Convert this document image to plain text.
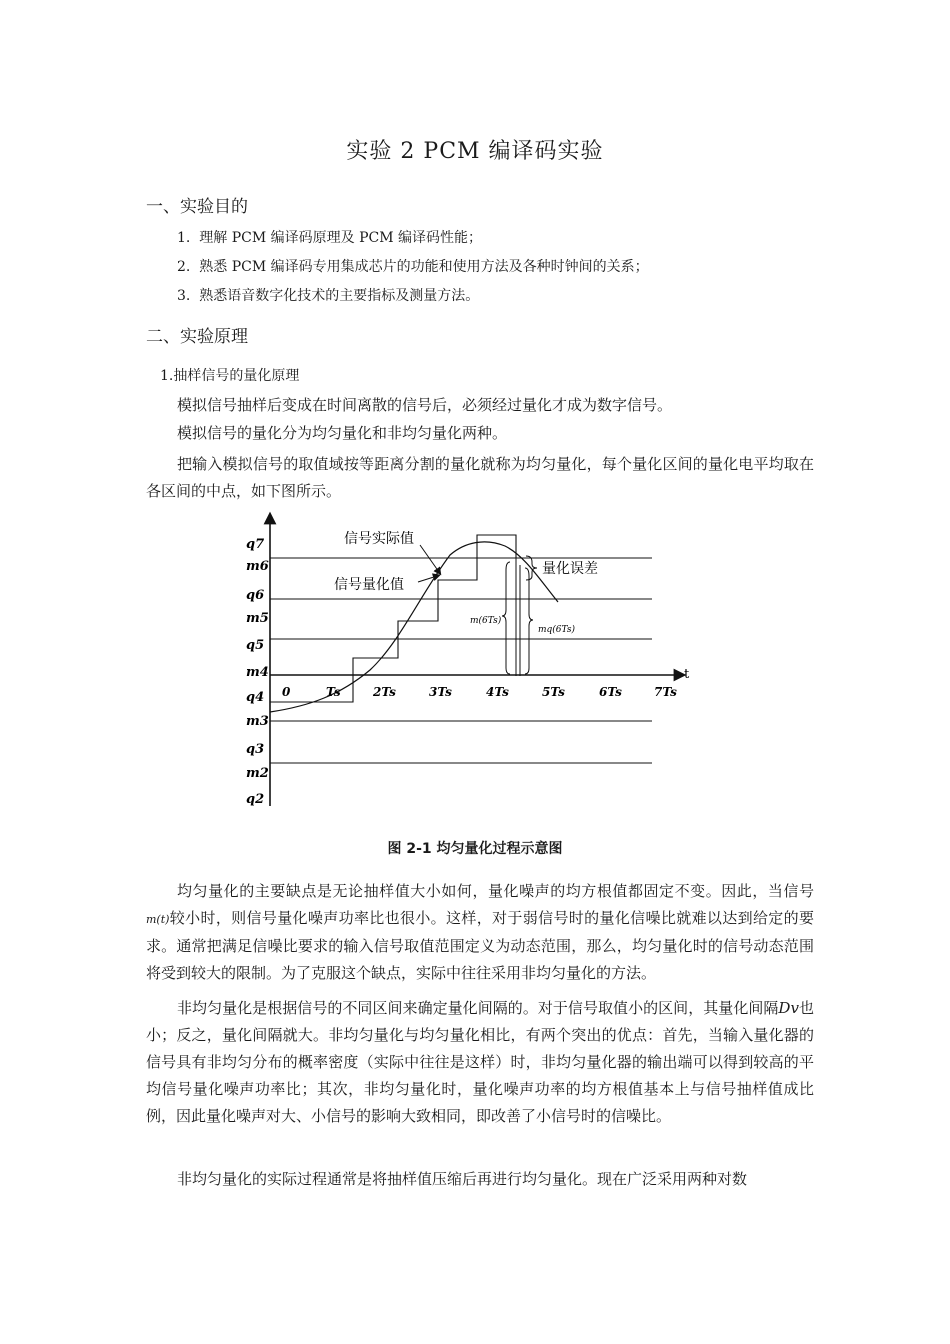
实验 2 PCM 编译码实验
一、实验目的
1. 理解 PCM 编译码原理及 PCM 编译码性能；
2. 熟悉 PCM 编译码专用集成芯片的功能和使用方法及各种时钟间的关系；
3. 熟悉语音数字化技术的主要指标及测量方法。
二、实验原理
1.抽样信号的量化原理
模拟信号抽样后变成在时间离散的信号后，必须经过量化才成为数字信号。
模拟信号的量化分为均匀量化和非均匀量化两种。
把输入模拟信号的取值域按等距离分割的量化就称为均匀量化，每个量化区间的量化电平均取在各区间的中点，如下图所示。
q7
m6
q6
m5
q5
m4
q4
m3
q3
m2
q2
0	Ts	2Ts	3Ts	4Ts	5Ts	6Ts	7Ts
t
信号实际值
信号量化值
量化误差
m(6Ts)
mq(6Ts)
图 2-1 均匀量化过程示意图
均匀量化的主要缺点是无论抽样值大小如何，量化噪声的均方根值都固定不变。因此，当信号m(t)较小时，则信号量化噪声功率比也很小。这样，对于弱信号时的量化信噪比就难以达到给定的要求。通常把满足信噪比要求的输入信号取值范围定义为动态范围，那么，均匀量化时的信号动态范围将受到较大的限制。为了克服这个缺点，实际中往往采用非均匀量化的方法。
非均匀量化是根据信号的不同区间来确定量化间隔的。对于信号取值小的区间，其量化间隔Dv也小；反之，量化间隔就大。非均匀量化与均匀量化相比，有两个突出的优点：首先，当输入量化器的信号具有非均匀分布的概率密度（实际中往往是这样）时，非均匀量化器的输出端可以得到较高的平均信号量化噪声功率比；其次，非均匀量化时，量化噪声功率的均方根值基本上与信号抽样值成比例，因此量化噪声对大、小信号的影响大致相同，即改善了小信号时的信噪比。
非均匀量化的实际过程通常是将抽样值压缩后再进行均匀量化。现在广泛采用两种对数
